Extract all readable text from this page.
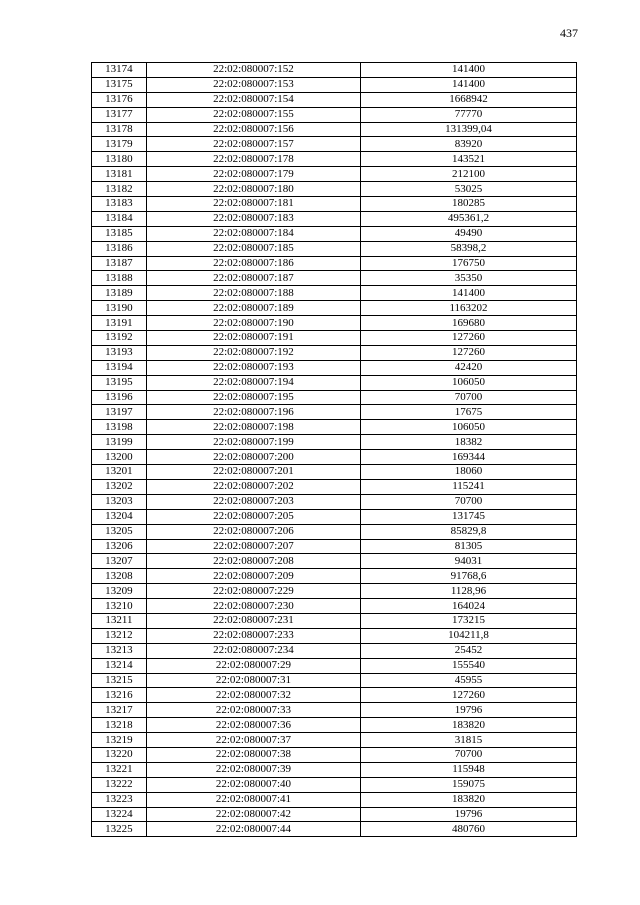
437
13174	22:02:080007:152	141400
13175	22:02:080007:153	141400
13176	22:02:080007:154	1668942
13177	22:02:080007:155	77770
13178	22:02:080007:156	131399,04
13179	22:02:080007:157	83920
13180	22:02:080007:178	143521
13181	22:02:080007:179	212100
13182	22:02:080007:180	53025
13183	22:02:080007:181	180285
13184	22:02:080007:183	495361,2
13185	22:02:080007:184	49490
13186	22:02:080007:185	58398,2
13187	22:02:080007:186	176750
13188	22:02:080007:187	35350
13189	22:02:080007:188	141400
13190	22:02:080007:189	1163202
13191	22:02:080007:190	169680
13192	22:02:080007:191	127260
13193	22:02:080007:192	127260
13194	22:02:080007:193	42420
13195	22:02:080007:194	106050
13196	22:02:080007:195	70700
13197	22:02:080007:196	17675
13198	22:02:080007:198	106050
13199	22:02:080007:199	18382
13200	22:02:080007:200	169344
13201	22:02:080007:201	18060
13202	22:02:080007:202	115241
13203	22:02:080007:203	70700
13204	22:02:080007:205	131745
13205	22:02:080007:206	85829,8
13206	22:02:080007:207	81305
13207	22:02:080007:208	94031
13208	22:02:080007:209	91768,6
13209	22:02:080007:229	1128,96
13210	22:02:080007:230	164024
13211	22:02:080007:231	173215
13212	22:02:080007:233	104211,8
13213	22:02:080007:234	25452
13214	22:02:080007:29	155540
13215	22:02:080007:31	45955
13216	22:02:080007:32	127260
13217	22:02:080007:33	19796
13218	22:02:080007:36	183820
13219	22:02:080007:37	31815
13220	22:02:080007:38	70700
13221	22:02:080007:39	115948
13222	22:02:080007:40	159075
13223	22:02:080007:41	183820
13224	22:02:080007:42	19796
13225	22:02:080007:44	480760
